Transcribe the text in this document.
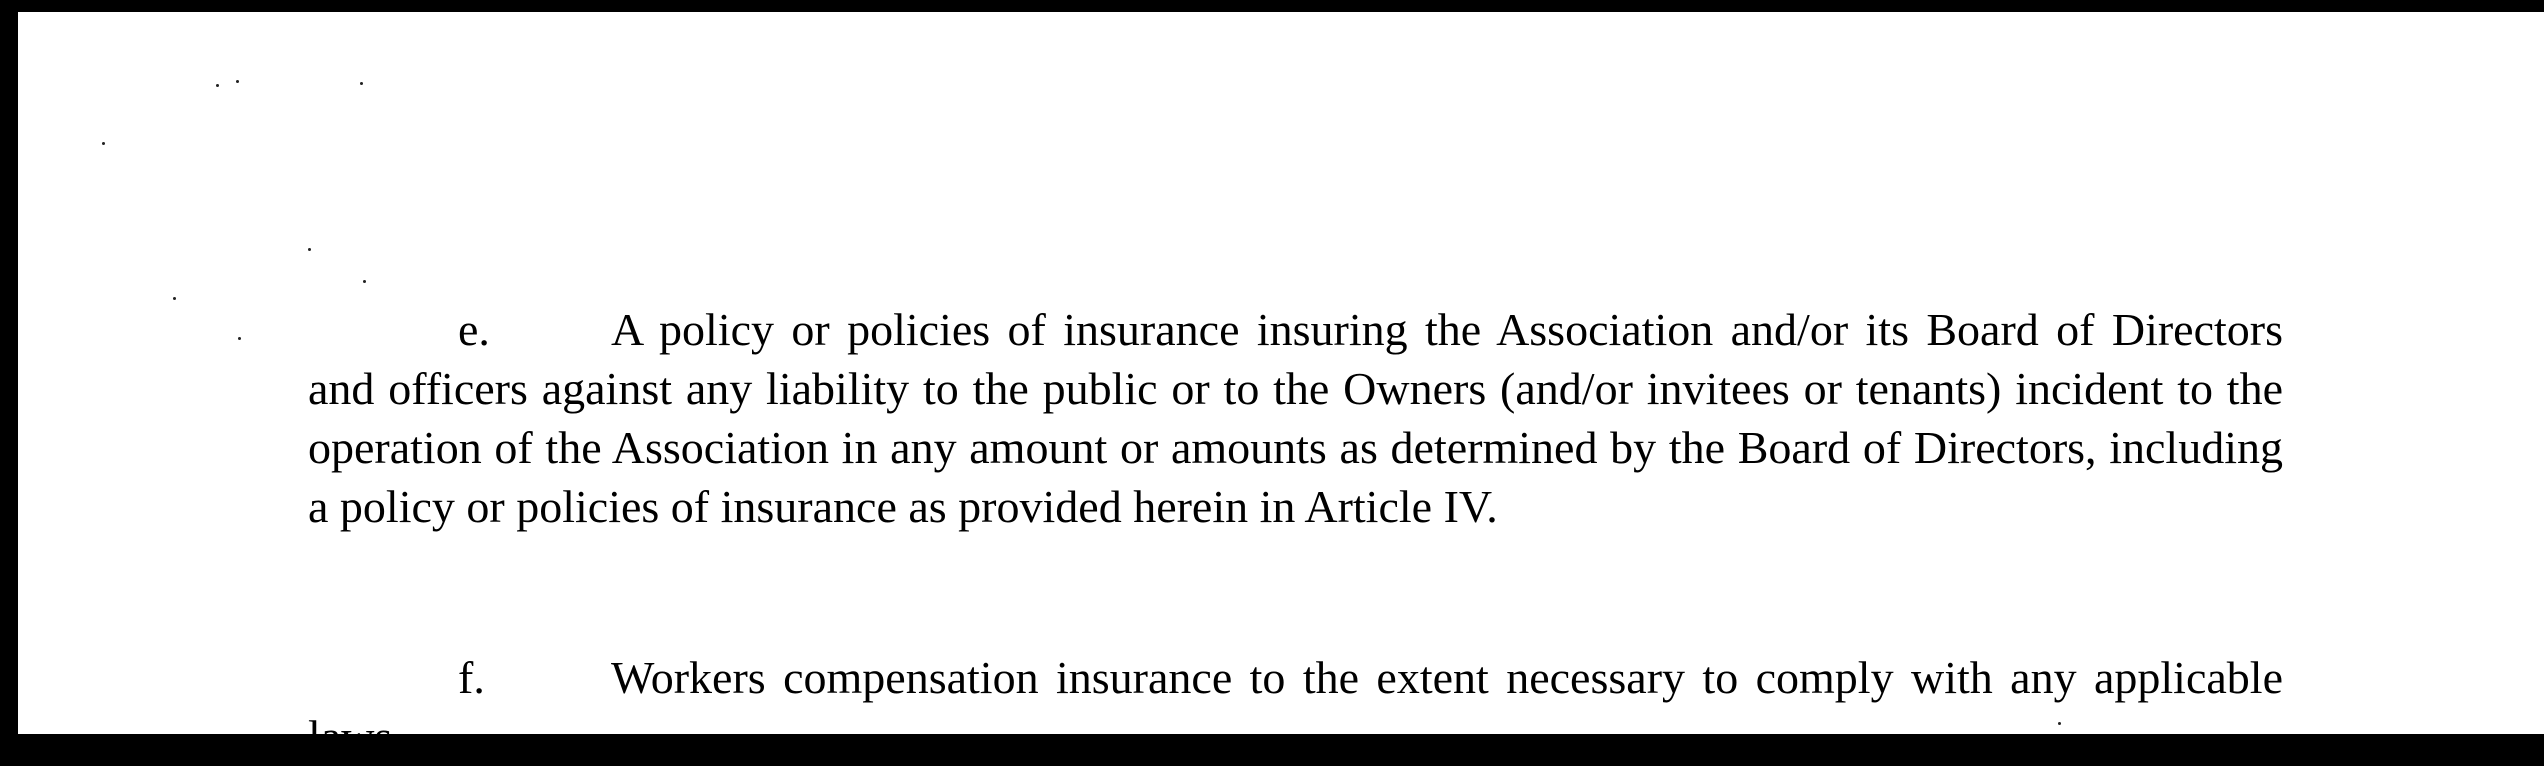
e.	A policy or policies of insurance insuring the Association and/or its Board of Directors and officers against any liability to the public or to the Owners (and/or invitees or tenants) incident to the operation of the Association in any amount or amounts as determined by the Board of Directors, including a policy or policies of insurance as provided herein in Article IV.
f.	Workers compensation insurance to the extent necessary to comply with any applicable laws.
